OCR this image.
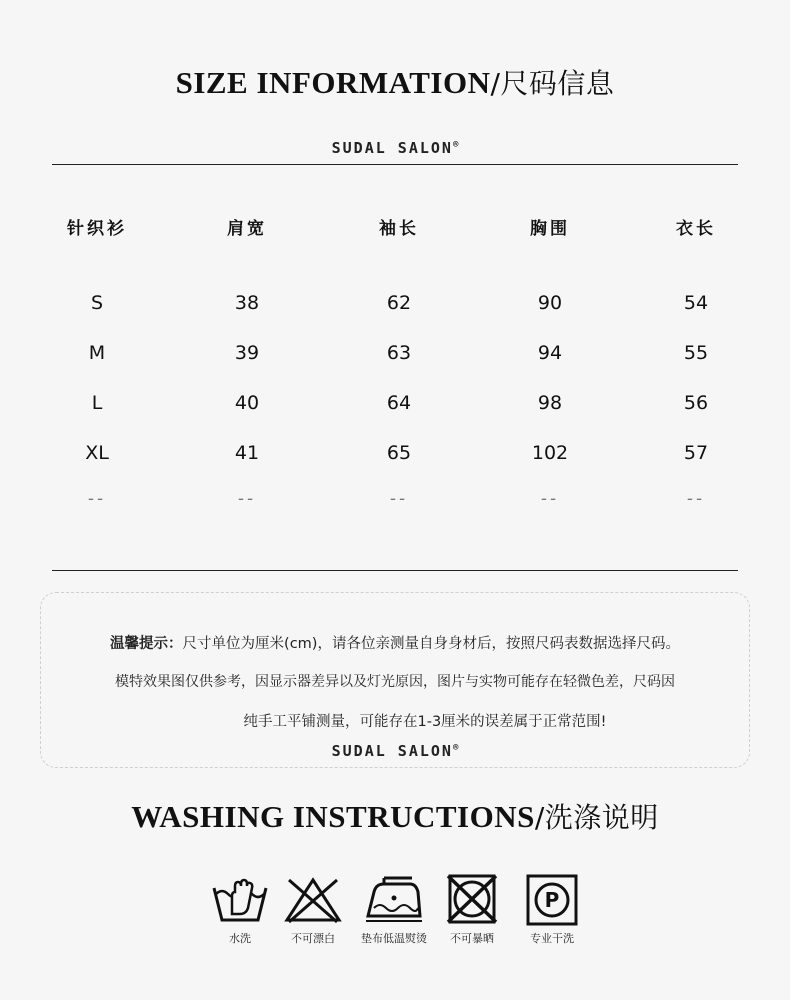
SIZE INFORMATION/尺码信息
SUDAL SALON®
针织衫	肩宽	袖长	胸围	衣长
S	38	62	90	54
M	39	63	94	55
L	40	64	98	56
XL	41	65	102	57
--	--	--	--	--
温馨提示：尺寸单位为厘米(cm)，请各位亲测量自身身材后，按照尺码表数据选择尺码。
模特效果图仅供参考，因显示器差异以及灯光原因，图片与实物可能存在轻微色差，尺码因
纯手工平铺测量，可能存在1-3厘米的误差属于正常范围!
SUDAL SALON®
WASHING INSTRUCTIONS/洗涤说明
P
水洗	不可漂白	垫布低温熨烫	不可暴晒	专业干洗
